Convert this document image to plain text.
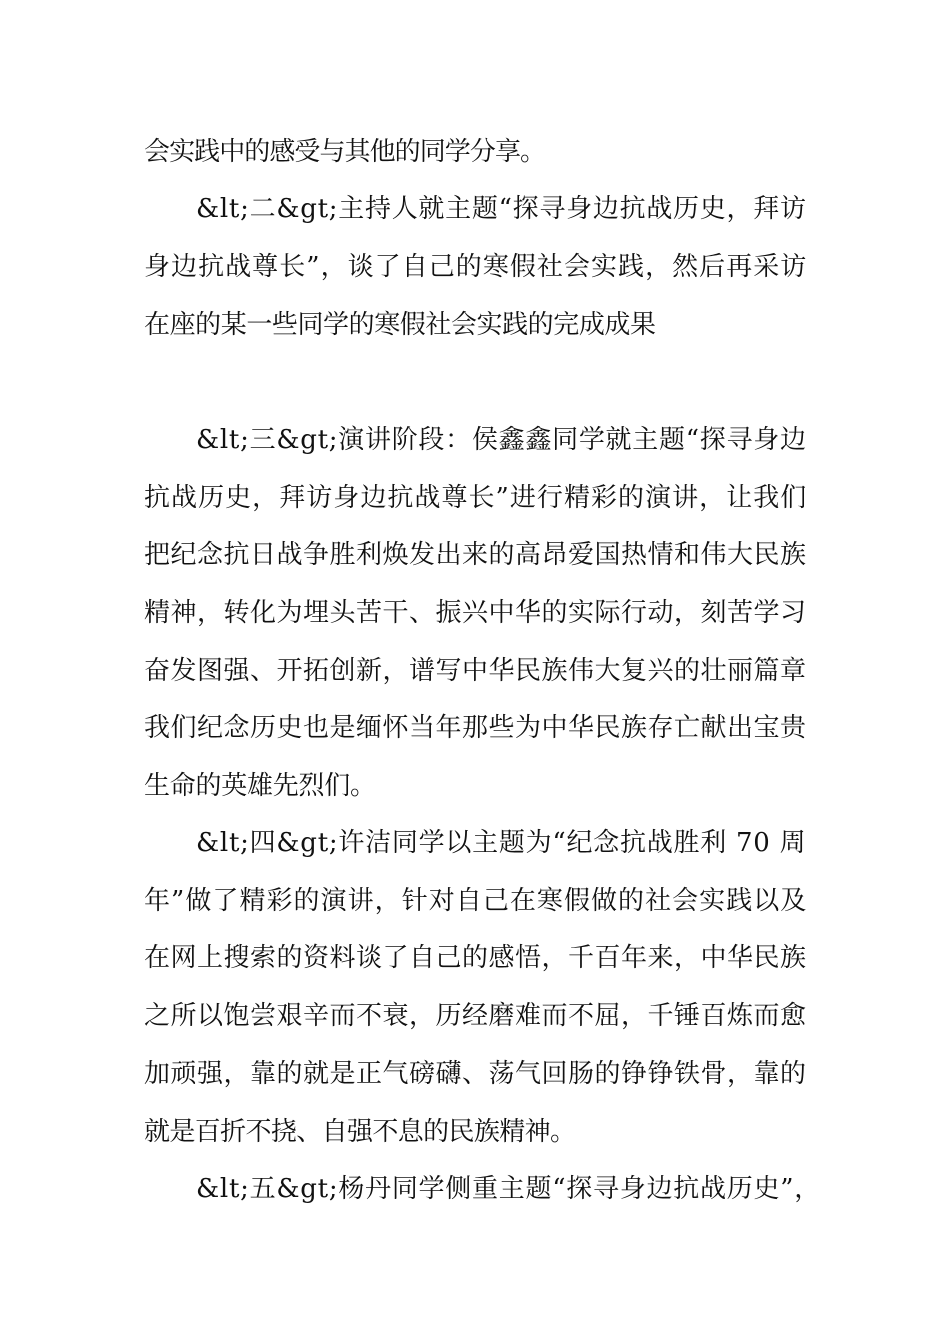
会实践中的感受与其他的同学分享。
&lt;二&gt;主持人就主题“探寻身边抗战历史，拜访
身边抗战尊长”，谈了自己的寒假社会实践，然后再采访
在座的某一些同学的寒假社会实践的完成成果
&lt;三&gt;演讲阶段：侯鑫鑫同学就主题“探寻身边
抗战历史，拜访身边抗战尊长”进行精彩的演讲，让我们
把纪念抗日战争胜利焕发出来的高昂爱国热情和伟大民族
精神，转化为埋头苦干、振兴中华的实际行动，刻苦学习
奋发图强、开拓创新，谱写中华民族伟大复兴的壮丽篇章
我们纪念历史也是缅怀当年那些为中华民族存亡献出宝贵
生命的英雄先烈们。
&lt;四&gt;许洁同学以主题为“纪念抗战胜利 70 周
年”做了精彩的演讲，针对自己在寒假做的社会实践以及
在网上搜索的资料谈了自己的感悟，千百年来，中华民族
之所以饱尝艰辛而不衰，历经磨难而不屈，千锤百炼而愈
加顽强，靠的就是正气磅礴、荡气回肠的铮铮铁骨，靠的
就是百折不挠、自强不息的民族精神。
&lt;五&gt;杨丹同学侧重主题“探寻身边抗战历史”，
